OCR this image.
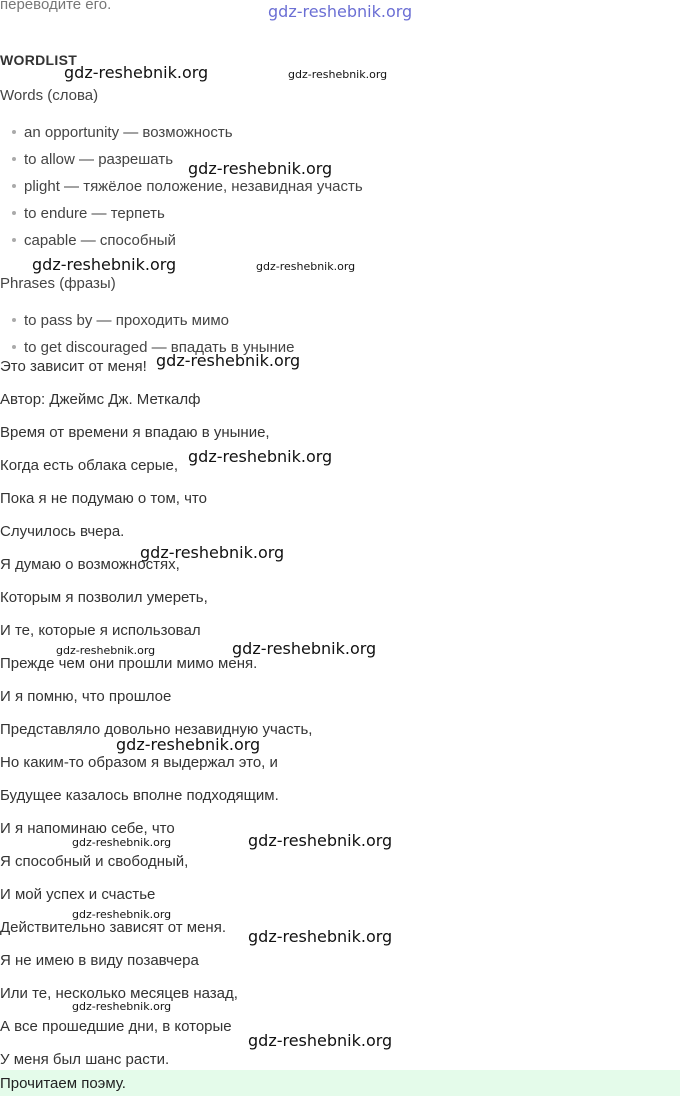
переводите его.	gdz-reshebnik.org
WORDLIST
Words (слова)
an opportunity — возможность
to allow — разрешать
plight — тяжёлое положение, незавидная участь
to endure — терпеть
capable — способный
Phrases (фразы)
to pass by — проходить мимо
to get discouraged — впадать в уныние
Это зависит от меня!
Автор: Джеймс Дж. Меткалф
Время от времени я впадаю в уныние,
Когда есть облака серые,
Пока я не подумаю о том, что
Случилось вчера.
Я думаю о возможностях,
Которым я позволил умереть,
И те, которые я использовал
Прежде чем они прошли мимо меня.
И я помню, что прошлое
Представляло довольно незавидную участь,
Но каким-то образом я выдержал это, и
Будущее казалось вполне подходящим.
И я напоминаю себе, что
Я способный и свободный,
И мой успех и счастье
Действительно зависят от меня.
Я не имею в виду позавчера
Или те, несколько месяцев назад,
А все прошедшие дни, в которые
У меня был шанс расти.
Прочитаем поэму.
gdz-reshebnik.org	gdz-reshebnik.org
gdz-reshebnik.org
gdz-reshebnik.org	gdz-reshebnik.org
gdz-reshebnik.org
gdz-reshebnik.org
gdz-reshebnik.org
gdz-reshebnik.org	gdz-reshebnik.org
gdz-reshebnik.org
gdz-reshebnik.org	gdz-reshebnik.org
gdz-reshebnik.org
gdz-reshebnik.org
gdz-reshebnik.org
gdz-reshebnik.org
